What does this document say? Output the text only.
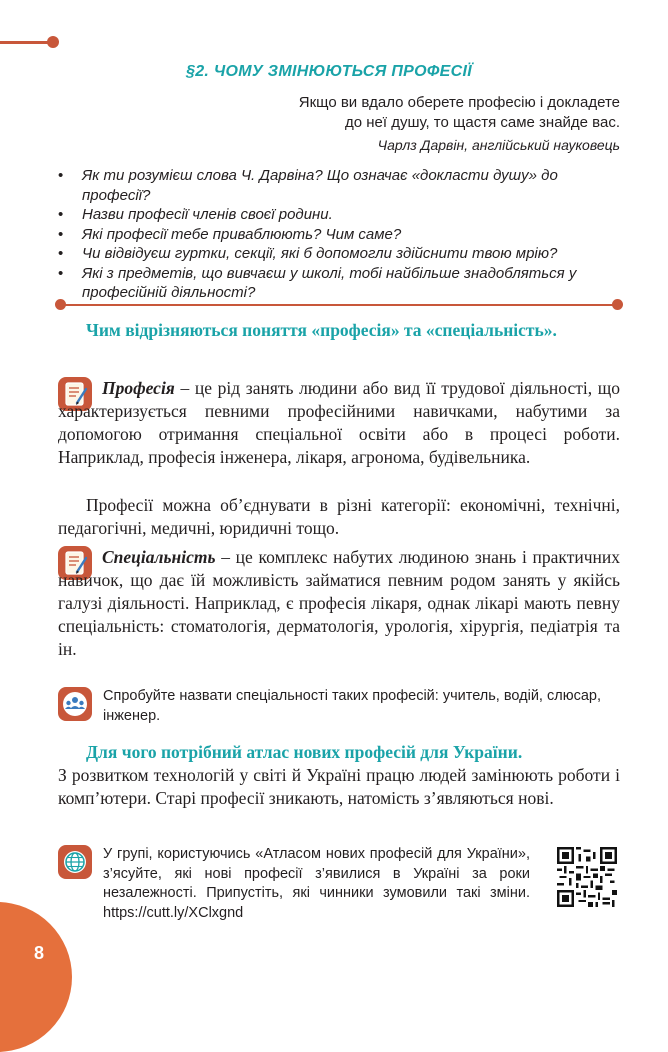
§2. ЧОМУ ЗМІНЮЮТЬСЯ ПРОФЕСІЇ
Якщо ви вдало оберете професію і докладете
до неї душу, то щастя саме знайде вас.
Чарлз Дарвін, англійський науковець
• Як ти розумієш слова Ч. Дарвіна? Що означає «докласти душу» до професії?
• Назви професії членів своєї родини.
• Які професії тебе приваблюють? Чим саме?
• Чи відвідуєш гуртки, секції, які б допомогли здійснити твою мрію?
• Які з предметів, що вивчаєш у школі, тобі найбільше знадобляться у професійній діяльності?

Чим відрізняються поняття «професія» та «спеціальність».

Професія – це рід занять людини або вид її трудової діяльності, що характеризується певними професійними навичками, набутими за допомогою отримання спеціальної освіти або в процесі роботи. Наприклад, професія інженера, лікаря, агронома, будівельника.

Професії можна об’єднувати в різні категорії: економічні, технічні, педагогічні, медичні, юридичні тощо.

Спеціальність – це комплекс набутих людиною знань і практичних навичок, що дає їй можливість займатися певним родом занять у якійсь галузі діяльності. Наприклад, є професія лікаря, однак лікарі мають певну спеціальність: стоматологія, дерматологія, урологія, хірургія, педіатрія та ін.

Спробуйте назвати спеціальності таких професій: учитель, водій, слюсар, інженер.

Для чого потрібний атлас нових професій для України.

З розвитком технологій у світі й Україні працю людей замінюють роботи і комп’ютери. Старі професії зникають, натомість з’являються нові.

У групі, користуючись «Атласом нових професій для України», з’ясуйте, які нові професії з’явилися в Україні за роки незалежності. Припустіть, які чинники зумовили такі зміни. https://cutt.ly/XClxgnd
8
